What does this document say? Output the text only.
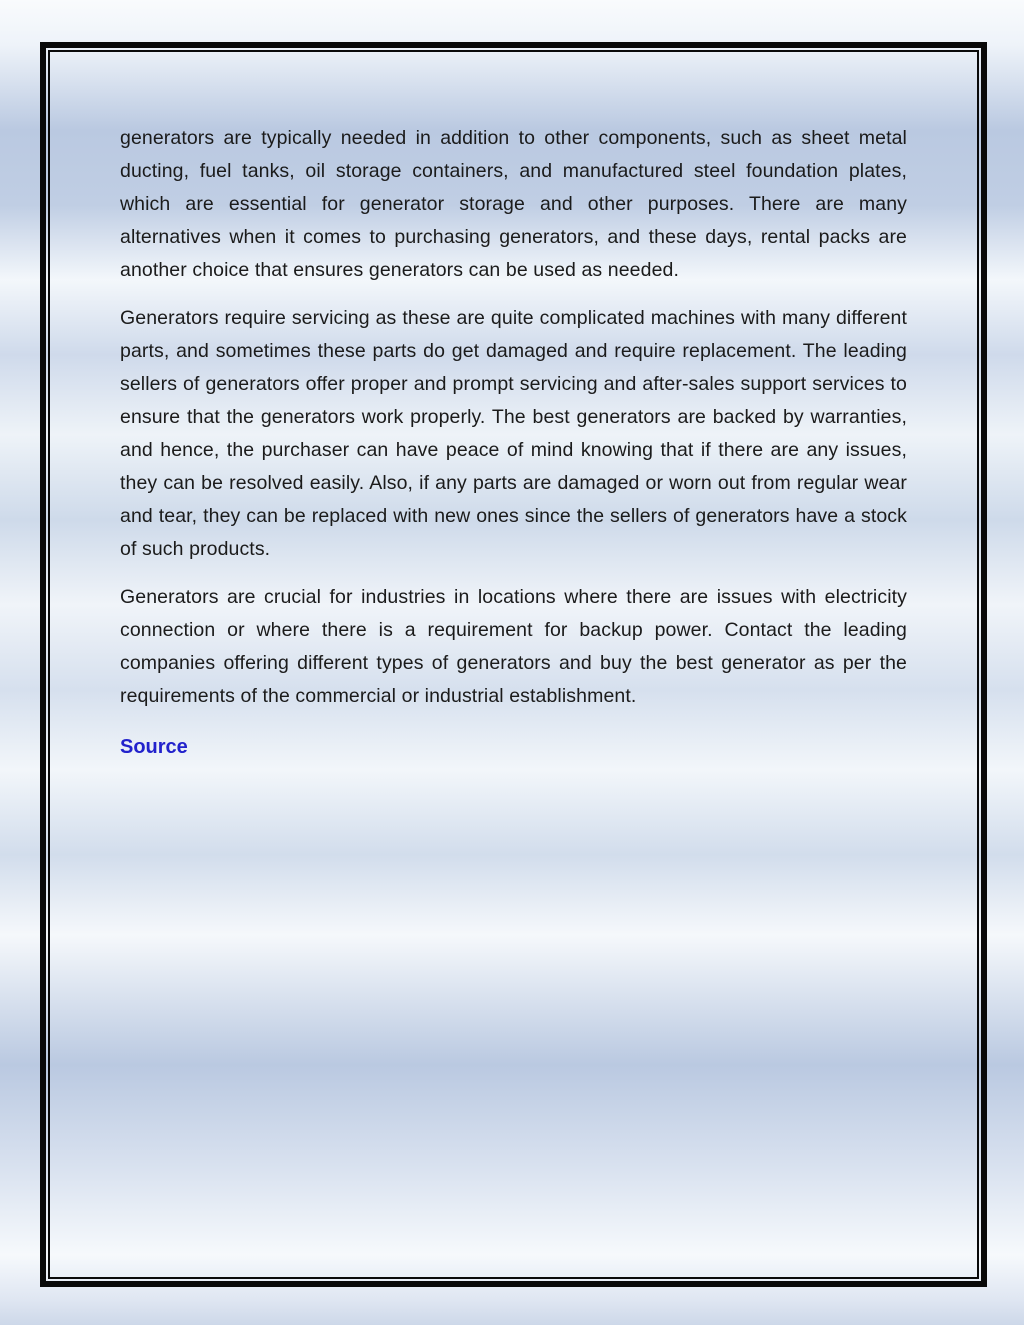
generators are typically needed in addition to other components, such as sheet metal ducting, fuel tanks, oil storage containers, and manufactured steel foundation plates, which are essential for generator storage and other purposes. There are many alternatives when it comes to purchasing generators, and these days, rental packs are another choice that ensures generators can be used as needed.

Generators require servicing as these are quite complicated machines with many different parts, and sometimes these parts do get damaged and require replacement. The leading sellers of generators offer proper and prompt servicing and after-sales support services to ensure that the generators work properly. The best generators are backed by warranties, and hence, the purchaser can have peace of mind knowing that if there are any issues, they can be resolved easily. Also, if any parts are damaged or worn out from regular wear and tear, they can be replaced with new ones since the sellers of generators have a stock of such products.

Generators are crucial for industries in locations where there are issues with electricity connection or where there is a requirement for backup power. Contact the leading companies offering different types of generators and buy the best generator as per the requirements of the commercial or industrial establishment.

Source
